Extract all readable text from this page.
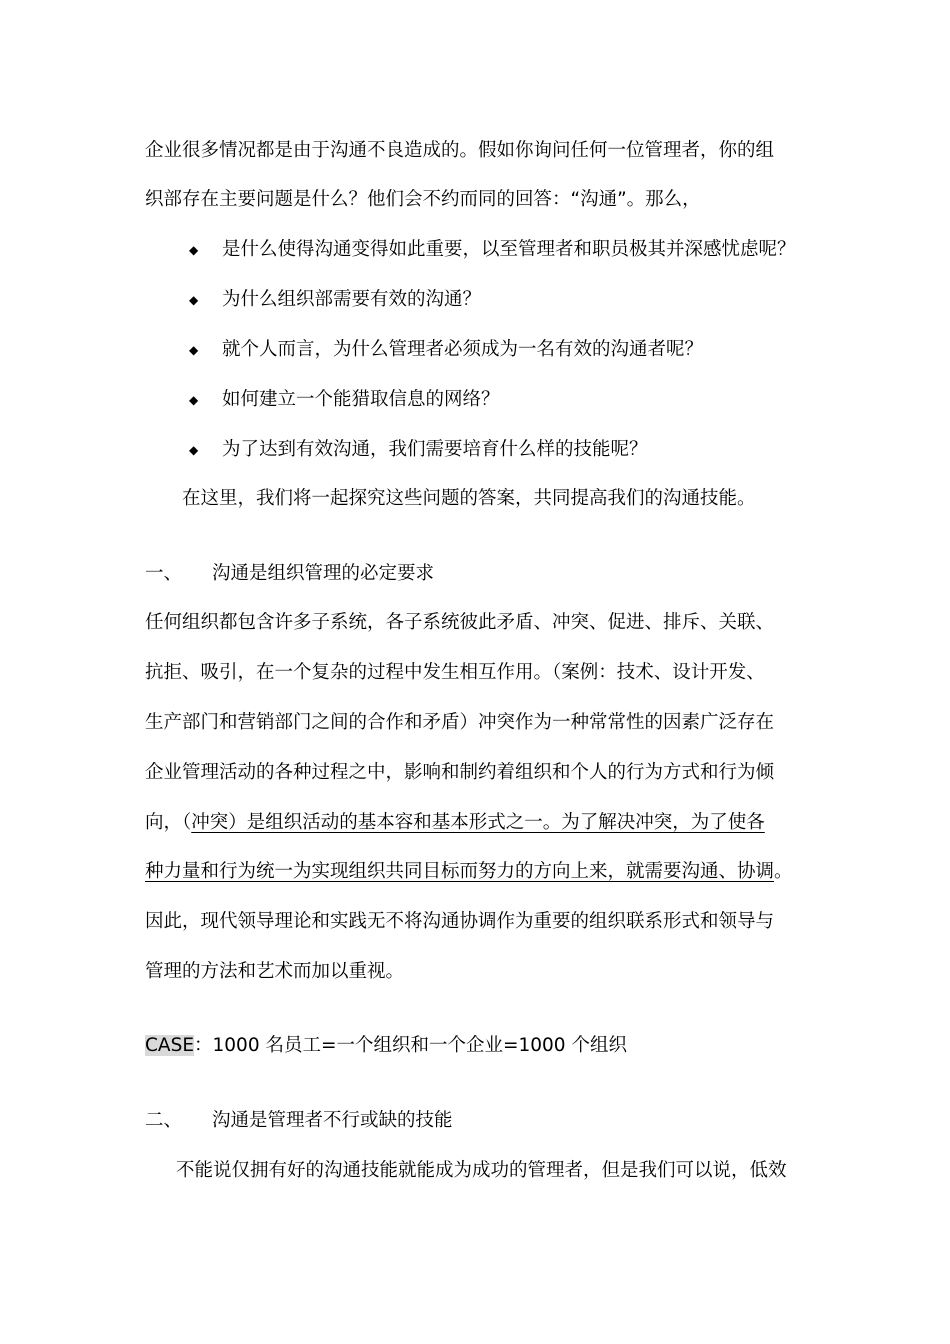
企业很多情况都是由于沟通不良造成的。假如你询问任何一位管理者，你的组
织部存在主要问题是什么？他们会不约而同的回答：“沟通”。那么，
◆ 是什么使得沟通变得如此重要，以至管理者和职员极其并深感忧虑呢？
◆ 为什么组织部需要有效的沟通？
◆ 就个人而言，为什么管理者必须成为一名有效的沟通者呢？
◆ 如何建立一个能猎取信息的网络？
◆ 为了达到有效沟通，我们需要培育什么样的技能呢？
在这里，我们将一起探究这些问题的答案，共同提高我们的沟通技能。
一、 沟通是组织管理的必定要求
任何组织都包含许多子系统，各子系统彼此矛盾、冲突、促进、排斥、关联、
抗拒、吸引，在一个复杂的过程中发生相互作用。（案例：技术、设计开发、
生产部门和营销部门之间的合作和矛盾）冲突作为一种常常性的因素广泛存在
企业管理活动的各种过程之中，影响和制约着组织和个人的行为方式和行为倾
向，（冲突）是组织活动的基本容和基本形式之一。为了解决冲突，为了使各
种力量和行为统一为实现组织共同目标而努力的方向上来，就需要沟通、协调。
因此，现代领导理论和实践无不将沟通协调作为重要的组织联系形式和领导与
管理的方法和艺术而加以重视。
CASE：1000 名员工=一个组织和一个企业=1000 个组织
二、 沟通是管理者不行或缺的技能
不能说仅拥有好的沟通技能就能成为成功的管理者，但是我们可以说，低效
